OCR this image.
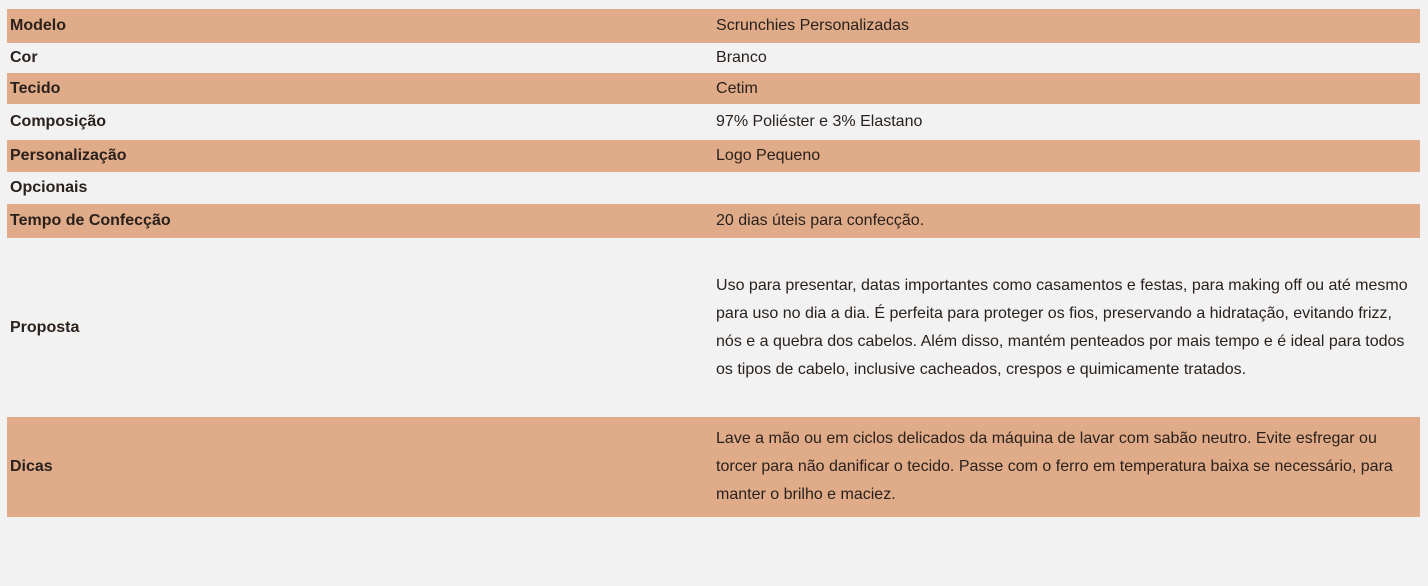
Modelo	Scrunchies Personalizadas
Cor	Branco
Tecido	Cetim
Composição	97% Poliéster e 3% Elastano
Personalização	Logo Pequeno
Opcionais	
Tempo de Confecção	20 dias úteis para confecção.
Proposta	Uso para presentar, datas importantes como casamentos e festas, para making off ou até mesmo para uso no dia a dia. É perfeita para proteger os fios, preservando a hidratação, evitando frizz, nós e a quebra dos cabelos. Além disso, mantém penteados por mais tempo e é ideal para todos os tipos de cabelo, inclusive cacheados, crespos e quimicamente tratados.
Dicas	Lave a mão ou em ciclos delicados da máquina de lavar com sabão neutro. Evite esfregar ou torcer para não danificar o tecido. Passe com o ferro em temperatura baixa se necessário, para manter o brilho e maciez.
